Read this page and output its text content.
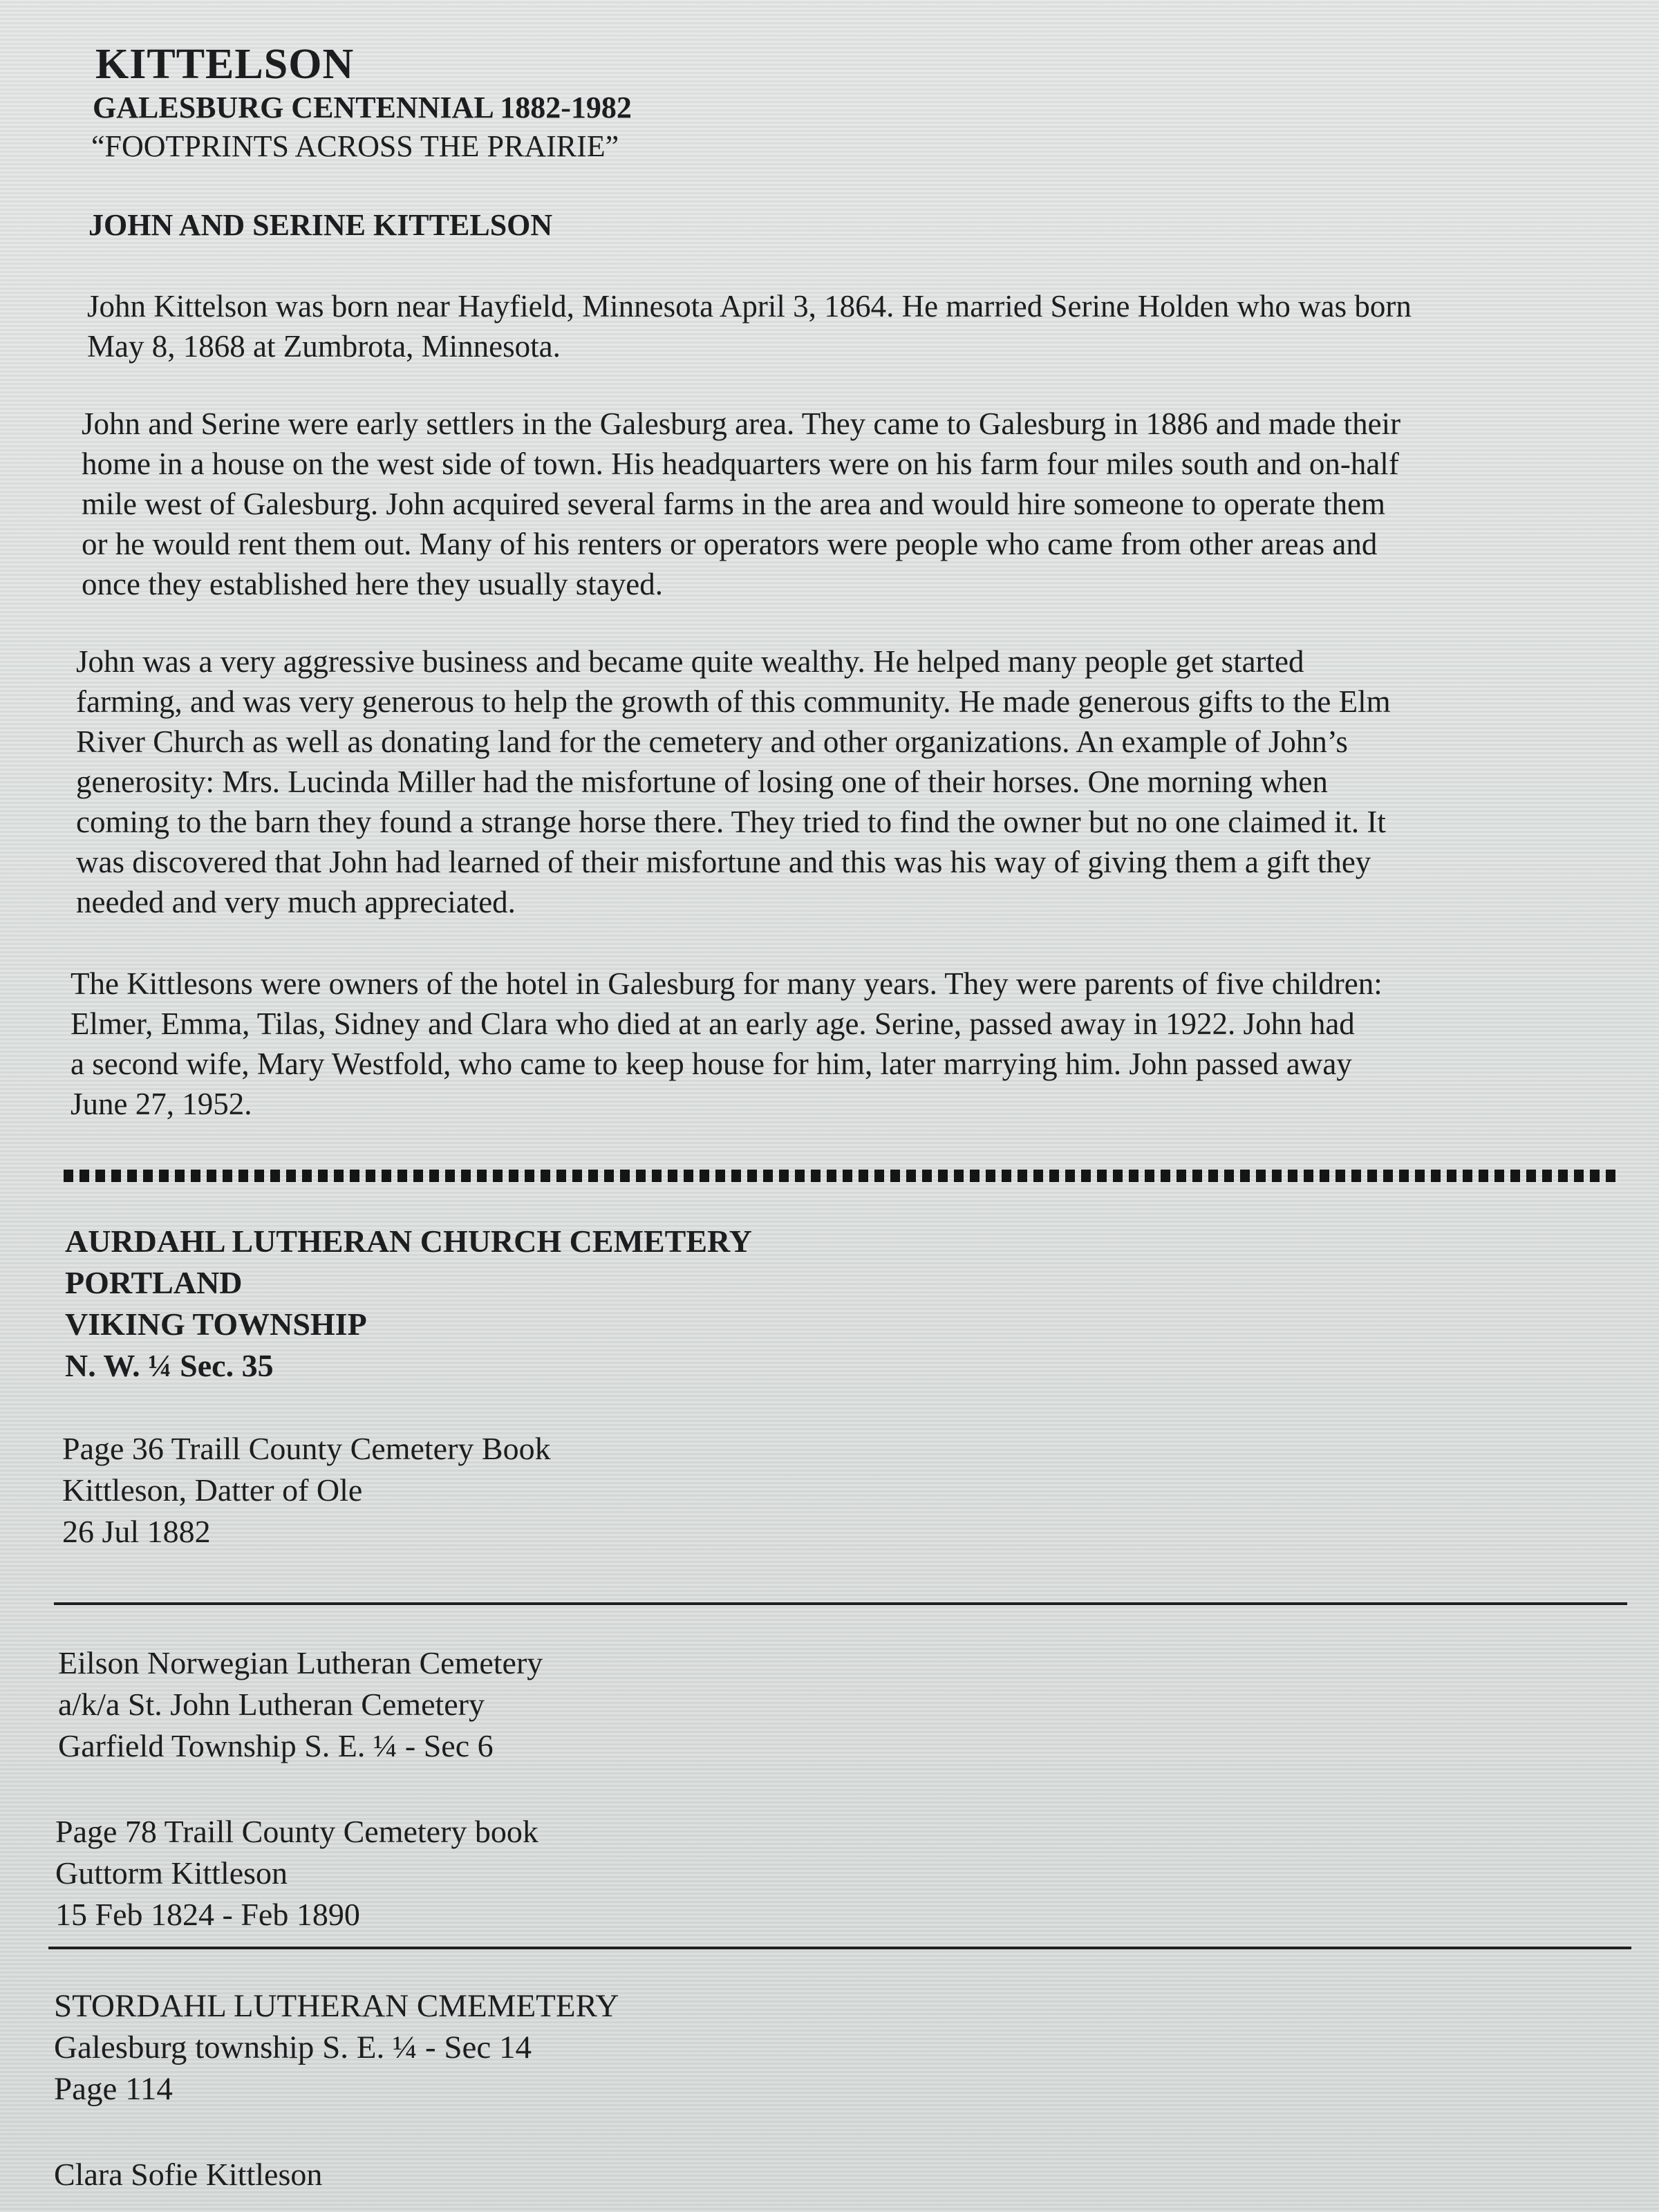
KITTELSON
GALESBURG CENTENNIAL 1882-1982
“FOOTPRINTS ACROSS THE PRAIRIE”
JOHN AND SERINE KITTELSON
John Kittelson was born near Hayfield, Minnesota April 3, 1864. He married Serine Holden who was born
May 8, 1868 at Zumbrota, Minnesota.
John and Serine were early settlers in the Galesburg area. They came to Galesburg in 1886 and made their
home in a house on the west side of town. His headquarters were on his farm four miles south and on-half
mile west of Galesburg. John acquired several farms in the area and would hire someone to operate them
or he would rent them out. Many of his renters or operators were people who came from other areas and
once they established here they usually stayed.
John was a very aggressive business and became quite wealthy. He helped many people get started
farming, and was very generous to help the growth of this community. He made generous gifts to the Elm
River Church as well as donating land for the cemetery and other organizations. An example of John’s
generosity: Mrs. Lucinda Miller had the misfortune of losing one of their horses. One morning when
coming to the barn they found a strange horse there. They tried to find the owner but no one claimed it. It
was discovered that John had learned of their misfortune and this was his way of giving them a gift they
needed and very much appreciated.
The Kittlesons were owners of the hotel in Galesburg for many years. They were parents of five children:
Elmer, Emma, Tilas, Sidney and Clara who died at an early age. Serine, passed away in 1922. John had
a second wife, Mary Westfold, who came to keep house for him, later marrying him. John passed away
June 27, 1952.
AURDAHL LUTHERAN CHURCH CEMETERY
PORTLAND
VIKING TOWNSHIP
N. W. ¼ Sec. 35
Page 36 Traill County Cemetery Book
Kittleson, Datter of Ole
26 Jul 1882
Eilson Norwegian Lutheran Cemetery
a/k/a St. John Lutheran Cemetery
Garfield Township S. E. ¼ - Sec 6
Page 78 Traill County Cemetery book
Guttorm Kittleson
15 Feb 1824 - Feb 1890
STORDAHL LUTHERAN CMEMETERY
Galesburg township S. E. ¼ - Sec 14
Page 114
Clara Sofie Kittleson
